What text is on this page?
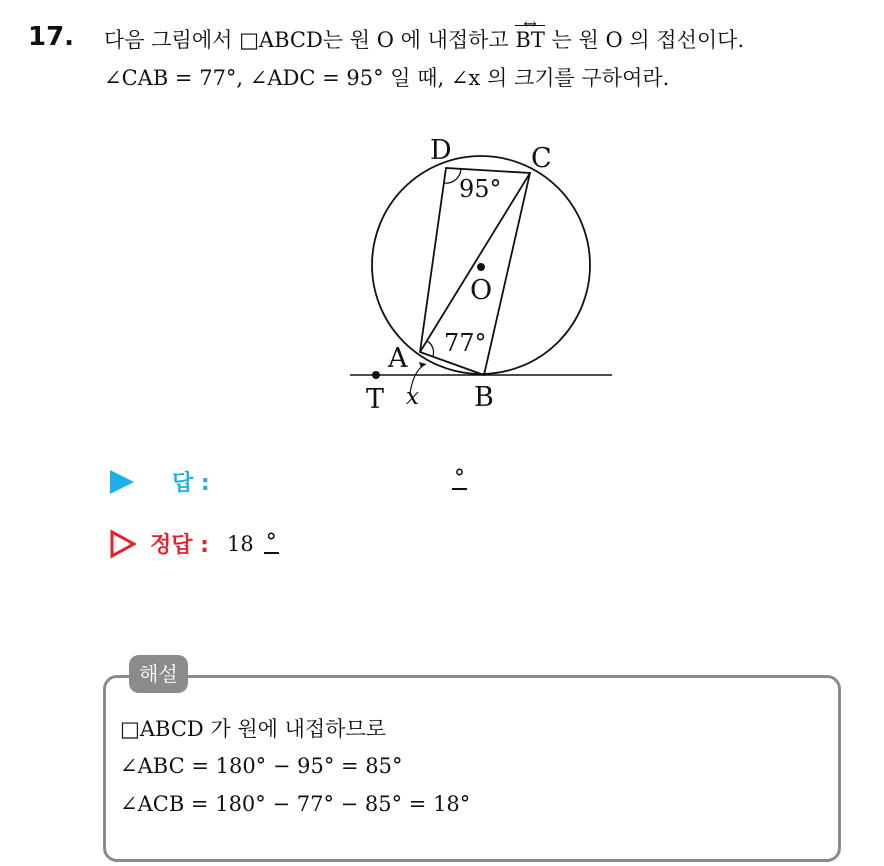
17. 다음 그림에서 □ABCD는 원 O 에 내접하고 BT ↔ 는 원 O 의 접선이다.
∠CAB = 77°, ∠ADC = 95° 일 때, ∠x 의 크기를 구하여라.
D	C
O
A
B
T x
95°
77°
답 :	°
정답 : 18 °
해설
□ABCD 가 원에 내접하므로
∠ABC = 180° − 95° = 85°
∠ACB = 180° − 77° − 85° = 18°
